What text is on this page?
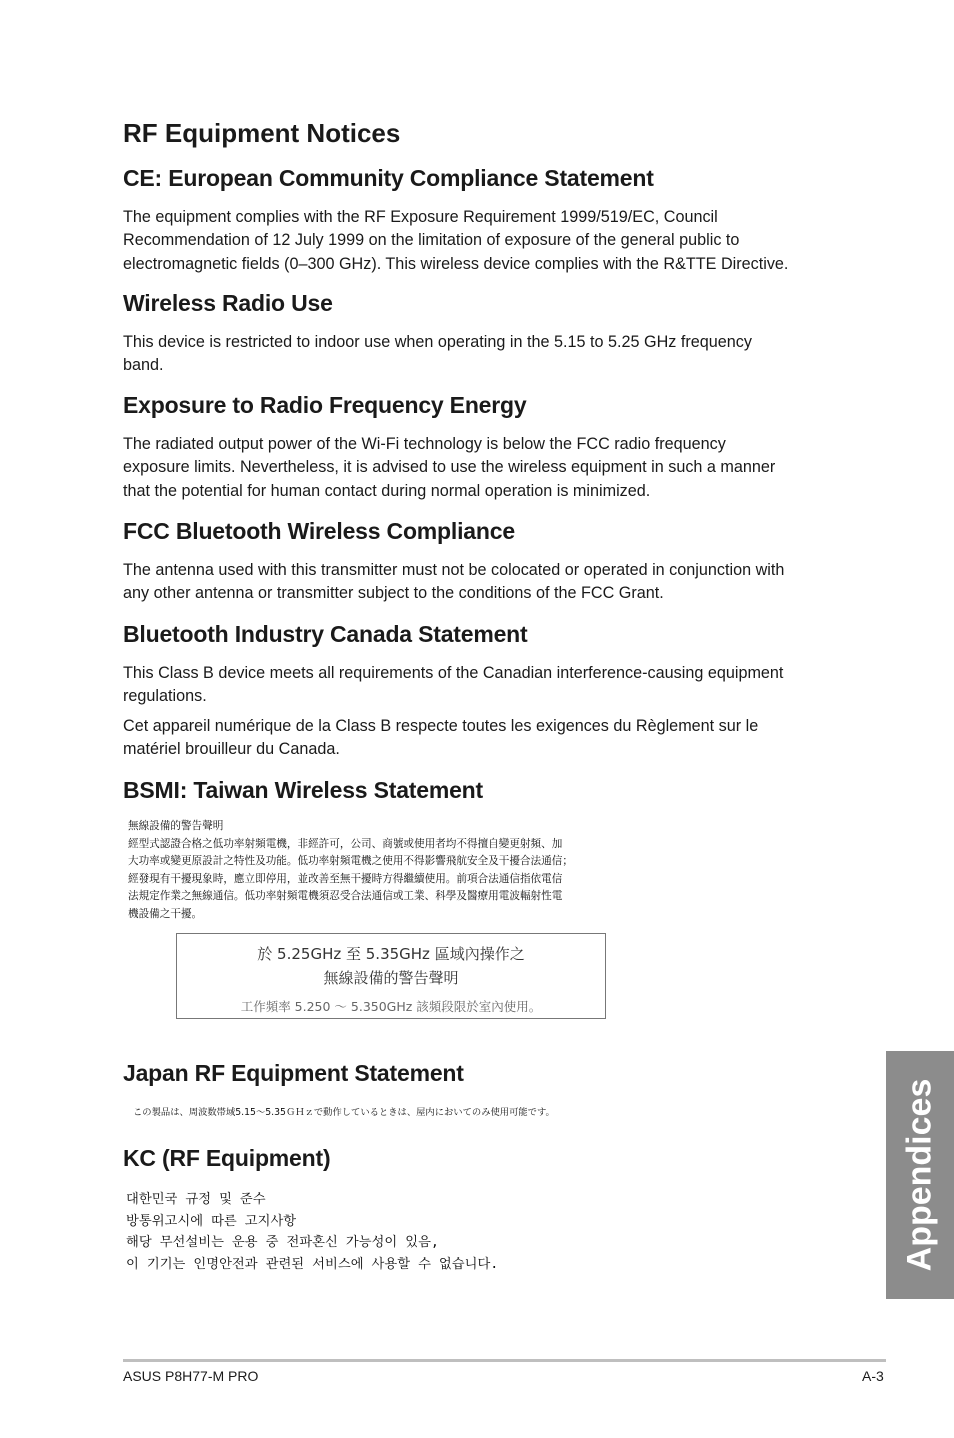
RF Equipment Notices
CE: European Community Compliance Statement

The equipment complies with the RF Exposure Requirement 1999/519/EC, Council
Recommendation of 12 July 1999 on the limitation of exposure of the general public to
electromagnetic fields (0–300 GHz). This wireless device complies with the R&TTE Directive.

Wireless Radio Use

This device is restricted to indoor use when operating in the 5.15 to 5.25 GHz frequency
band.

Exposure to Radio Frequency Energy

The radiated output power of the Wi-Fi technology is below the FCC radio frequency
exposure limits. Nevertheless, it is advised to use the wireless equipment in such a manner
that the potential for human contact during normal operation is minimized.

FCC Bluetooth Wireless Compliance

The antenna used with this transmitter must not be colocated or operated in conjunction with
any other antenna or transmitter subject to the conditions of the FCC Grant.

Bluetooth Industry Canada Statement

This Class B device meets all requirements of the Canadian interference-causing equipment
regulations.

Cet appareil numérique de la Class B respecte toutes les exigences du Règlement sur le
matériel brouilleur du Canada.

BSMI: Taiwan Wireless Statement
無線設備的警告聲明
經型式認證合格之低功率射頻電機，非經許可，公司、商號或使用者均不得擅自變更射頻、加
大功率或變更原設計之特性及功能。低功率射頻電機之使用不得影響飛航安全及干擾合法通信；
經發現有干擾現象時，應立即停用，並改善至無干擾時方得繼續使用。前項合法通信指依電信
法規定作業之無線通信。低功率射頻電機須忍受合法通信或工業、科學及醫療用電波輻射性電
機設備之干擾。
於 5.25GHz 至 5.35GHz 區域內操作之
無線設備的警告聲明
工作頻率 5.250 ～ 5.350GHz 該頻段限於室內使用。
Japan RF Equipment Statement
この製品は、周波数帯域5.15～5.35ＧＨｚで動作しているときは、屋内においてのみ使用可能です。
KC (RF Equipment)
대한민국 규정 및 준수
방통위고시에 따른 고지사항
해당 무선설비는 운용 중 전파혼신 가능성이 있음,
이 기기는 인명안전과 관련된 서비스에 사용할 수 없습니다.	Appendices
ASUS P8H77-M PRO	A-3
